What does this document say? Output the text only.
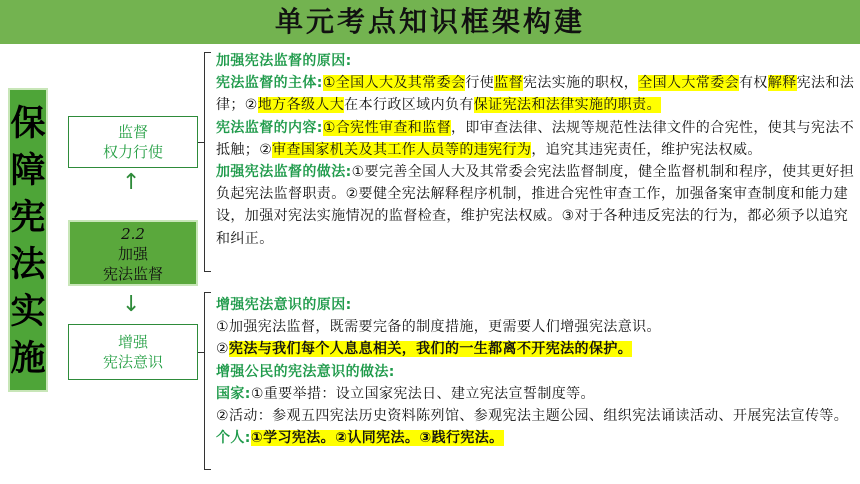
单元考点知识框架构建
保障宪法实施
监督
权力行使
↑
2.2
加强
宪法监督
↓
增强
宪法意识

加强宪法监督的原因:

宪法监督的主体:①全国人大及其常委会行使监督宪法实施的职权，全国人大常委会有权解释宪法和法律；②地方各级人大在本行政区域内负有保证宪法和法律实施的职责。

宪法监督的内容:①合宪性审查和监督，即审查法律、法规等规范性法律文件的合宪性，使其与宪法不抵触；②审查国家机关及其工作人员等的违宪行为，追究其违宪责任，维护宪法权威。

加强宪法监督的做法:①要完善全国人大及其常委会宪法监督制度，健全监督机制和程序，使其更好担负起宪法监督职责。②要健全宪法解释程序机制，推进合宪性审查工作，加强备案审查制度和能力建设，加强对宪法实施情况的监督检查，维护宪法权威。③对于各种违反宪法的行为，都必须予以追究和纠正。

增强宪法意识的原因:

①加强宪法监督，既需要完备的制度措施，更需要人们增强宪法意识。

②宪法与我们每个人息息相关，我们的一生都离不开宪法的保护。

增强公民的宪法意识的做法:

国家:①重要举措：设立国家宪法日、建立宪法宣誓制度等。

②活动：参观五四宪法历史资料陈列馆、参观宪法主题公园、组织宪法诵读活动、开展宪法宣传等。

个人:①学习宪法。②认同宪法。③践行宪法。
